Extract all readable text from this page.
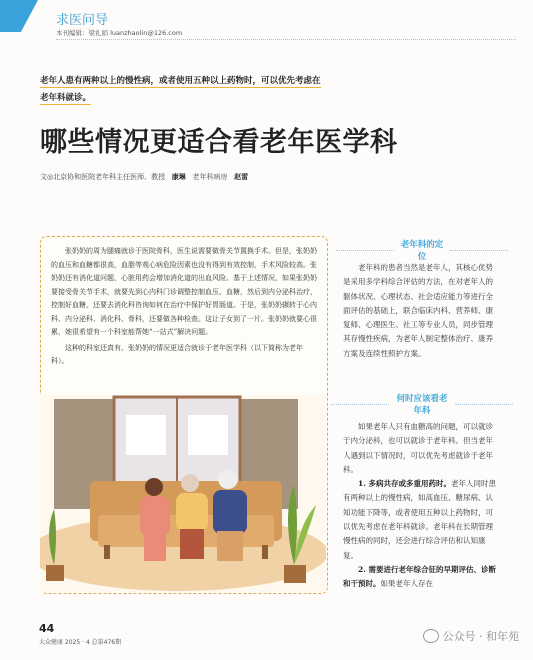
求医问导
本刊编辑：梁礼娟 luanzhaolin@126.com
老年人患有两种以上的慢性病，或者使用五种以上药物时，可以优先考虑在
老年科就诊。
哪些情况更适合看老年医学科
文◎北京协和医院老年科主任医师、教授 康琳 老年科病房 赵雷

张奶奶的周为腿痛就诊于医院骨科，医生说需要做骨关节置换手术。但是，张奶奶的血压和血糖都很高，血脂等观心病危险因素也没有得到有效控制，手术风险较高。张奶奶还有消化道问题，心脏用药会增加消化道的出血风险。基于上述情况，如果张奶奶要接受骨关节手术，就要先到心内科门诊调整控制血压、血糖，然后到内分泌科治疗，控制好血糖，还要去消化科咨询如何在治疗中保护好胃肠道。于是，张奶奶辗转于心内科、内分泌科、消化科、骨科，还要做各种检查。这让子女到了一片。张奶奶就要心很累，她很希望有一个科室能帮她“一站式”解决问题。

这种的科室还真有。张奶奶的情况更适合就诊于老年医学科（以下简称为老年科）。

老年科的定位

老年科的患者当然是老年人，其核心优势是采用多学科综合评估的方法，在对老年人的躯体状况、心理状态、社会适应能力等进行全面评估的基础上，联合临床内科、营养师、康复师、心理医生、社工等专业人员，同步管理其存慢性疾病，为老年人制定整体治疗、康养方案及连续性照护方案。

何时应该看老年科

如果老年人只有血糖高的问题，可以就诊于内分泌科，也可以就诊于老年科。但当老年人遇到以下情况时，可以优先考虑就诊于老年科。

1. 多病共存或多重用药时。老年人同时患有两种以上的慢性病，如高血压、糖尿病、认知功能下降等，或者使用五种以上药物时，可以优先考虑在老年科就诊。老年科在长期管理慢性病的同时，还会进行综合评估和认知康复。

2. 需要进行老年综合征的早期评估、诊断和干预时。如果老年人存在

44
大众健康 2025 · 4 总第476期	公众号 · 和年苑
